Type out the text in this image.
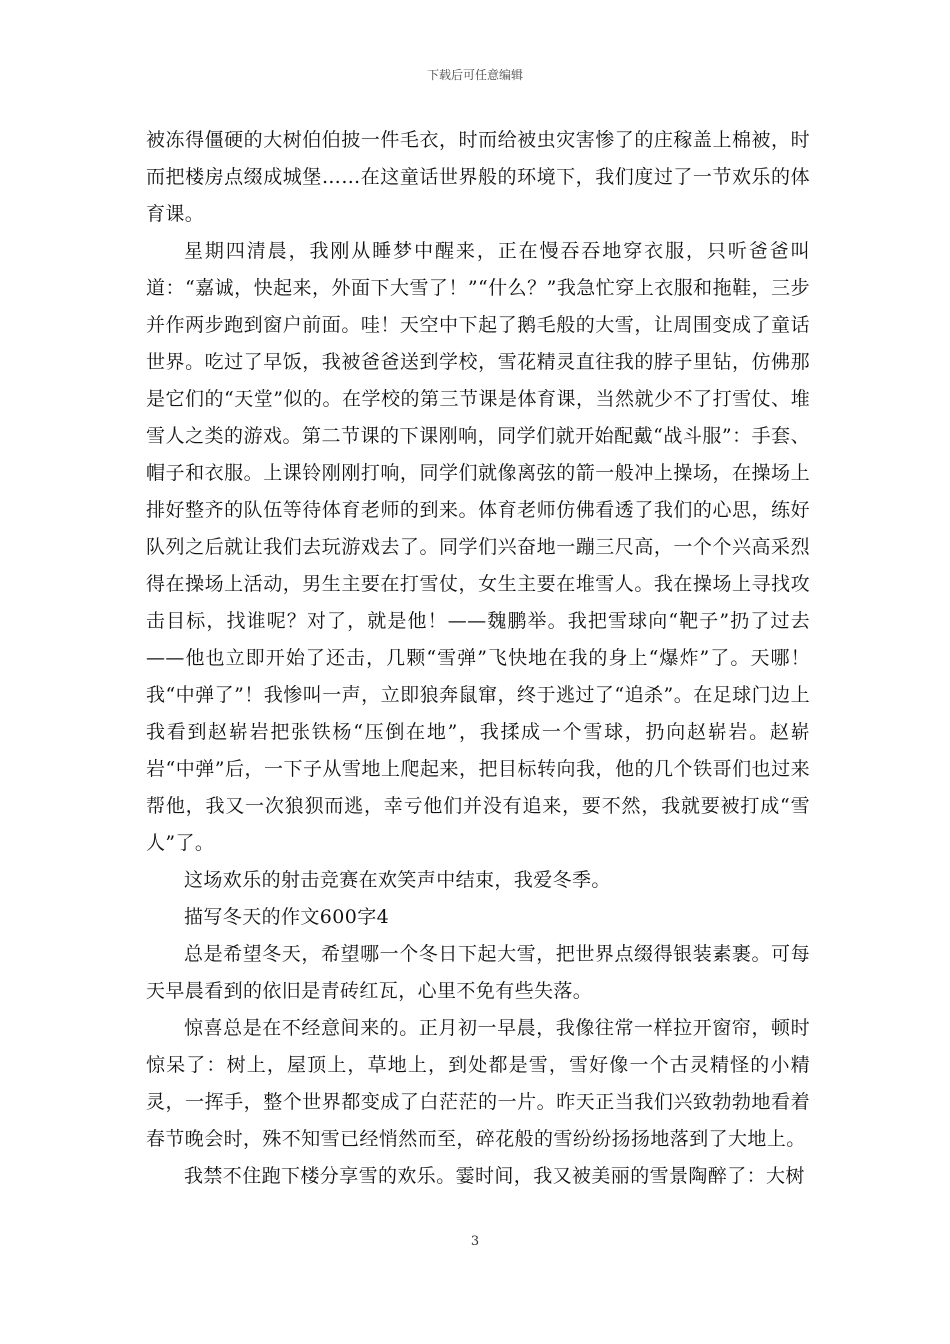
下载后可任意编辑

被冻得僵硬的大树伯伯披一件毛衣，时而给被虫灾害惨了的庄稼盖上棉被，时而把楼房点缀成城堡……在这童话世界般的环境下，我们度过了一节欢乐的体育课。

星期四清晨，我刚从睡梦中醒来，正在慢吞吞地穿衣服，只听爸爸叫道：“嘉诚，快起来，外面下大雪了！”“什么？”我急忙穿上衣服和拖鞋，三步并作两步跑到窗户前面。哇！天空中下起了鹅毛般的大雪，让周围变成了童话世界。吃过了早饭，我被爸爸送到学校，雪花精灵直往我的脖子里钻，仿佛那是它们的“天堂”似的。在学校的第三节课是体育课，当然就少不了打雪仗、堆雪人之类的游戏。第二节课的下课刚响，同学们就开始配戴“战斗服”：手套、帽子和衣服。上课铃刚刚打响，同学们就像离弦的箭一般冲上操场，在操场上排好整齐的队伍等待体育老师的到来。体育老师仿佛看透了我们的心思，练好队列之后就让我们去玩游戏去了。同学们兴奋地一蹦三尺高，一个个兴高采烈得在操场上活动，男生主要在打雪仗，女生主要在堆雪人。我在操场上寻找攻击目标，找谁呢？对了，就是他！——魏鹏举。我把雪球向“靶子”扔了过去——他也立即开始了还击，几颗“雪弹”飞快地在我的身上“爆炸”了。天哪！我“中弹了”！我惨叫一声，立即狼奔鼠窜，终于逃过了“追杀”。在足球门边上我看到赵崭岩把张铁杨“压倒在地”，我揉成一个雪球，扔向赵崭岩。赵崭岩“中弹”后，一下子从雪地上爬起来，把目标转向我，他的几个铁哥们也过来帮他，我又一次狼狈而逃，幸亏他们并没有追来，要不然，我就要被打成“雪人”了。

这场欢乐的射击竞赛在欢笑声中结束，我爱冬季。

描写冬天的作文600字4

总是希望冬天，希望哪一个冬日下起大雪，把世界点缀得银装素裹。可每天早晨看到的依旧是青砖红瓦，心里不免有些失落。

惊喜总是在不经意间来的。正月初一早晨，我像往常一样拉开窗帘，顿时惊呆了：树上，屋顶上，草地上，到处都是雪，雪好像一个古灵精怪的小精灵，一挥手，整个世界都变成了白茫茫的一片。昨天正当我们兴致勃勃地看着春节晚会时，殊不知雪已经悄然而至，碎花般的雪纷纷扬扬地落到了大地上。

我禁不住跑下楼分享雪的欢乐。霎时间，我又被美丽的雪景陶醉了：大树

3
